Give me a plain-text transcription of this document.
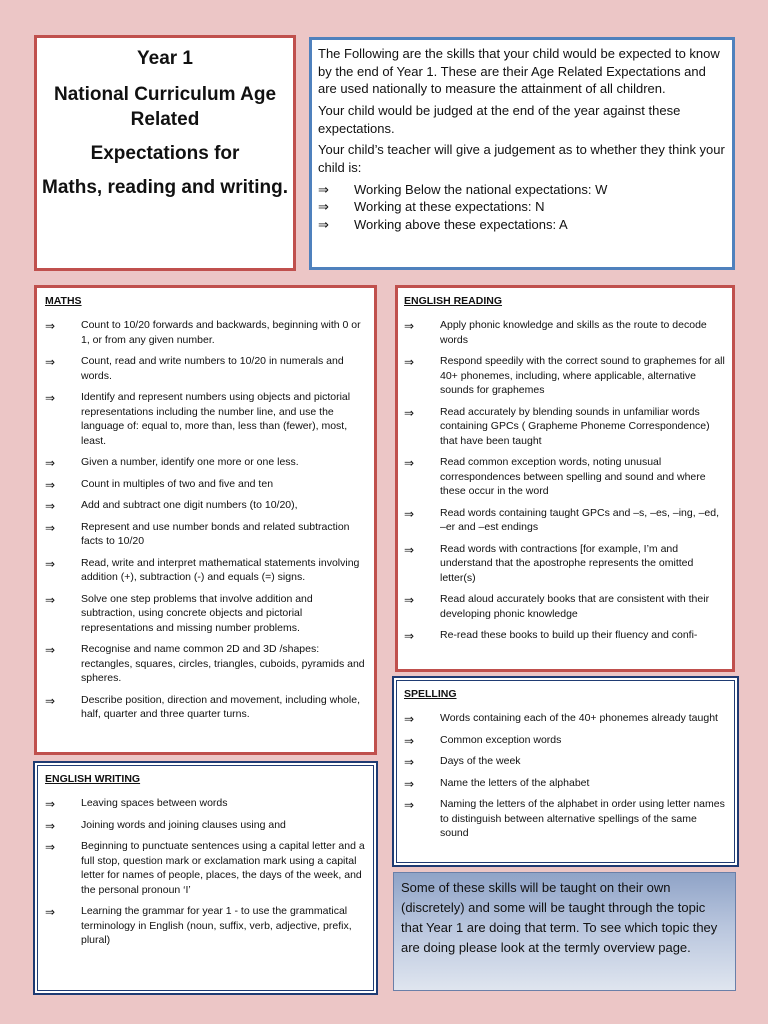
Year 1
National Curriculum Age Related
Expectations for
Maths, reading and writing.

The Following are the skills that your child would be expected to know by the end of Year 1. These are their Age Related Expectations and are used nationally to measure the attainment of all children.

Your child would be judged at the end of the year against these expectations.

Your child’s teacher will give a judgement as to whether they think your child is:

⇒ Working Below the national expectations: W
⇒ Working at these expectations: N
⇒ Working above these expectations: A
MATHS
⇒ Count to 10/20 forwards and backwards, beginning with 0 or 1, or from any given number.
⇒ Count, read and write numbers to 10/20 in numerals and words.
⇒ Identify and represent numbers using objects and pictorial representations including the number line, and use the language of: equal to, more than, less than (fewer), most, least.
⇒ Given a number, identify one more or one less.
⇒ Count in multiples of two and five and ten
⇒ Add and subtract one digit numbers (to 10/20),
⇒ Represent and use number bonds and related subtraction facts to 10/20
⇒ Read, write and interpret mathematical statements involving addition (+), subtraction (-) and equals (=) signs.
⇒ Solve one step problems that involve addition and subtraction, using concrete objects and pictorial representations and missing number problems.
⇒ Recognise and name common 2D and 3D /shapes: rectangles, squares, circles, triangles, cuboids, pyramids and spheres.
⇒ Describe position, direction and movement, including whole, half, quarter and three quarter turns.
ENGLISH READING
⇒ Apply phonic knowledge and skills as the route to decode words
⇒ Respond speedily with the correct sound to graphemes for all 40+ phonemes, including, where applicable, alternative sounds for graphemes
⇒ Read accurately by blending sounds in unfamiliar words containing GPCs ( Grapheme Phoneme Correspondence) that have been taught
⇒ Read common exception words, noting unusual correspondences between spelling and sound and where these occur in the word
⇒ Read words containing taught GPCs and –s, –es, –ing, –ed, –er and –est endings
⇒ Read words with contractions [for example, I’m and understand that the apostrophe represents the omitted letter(s)
⇒ Read aloud accurately books that are consistent with their developing phonic knowledge
⇒ Re-read these books to build up their fluency and confi-
SPELLING
⇒ Words containing each of the 40+ phonemes already taught
⇒ Common exception words
⇒ Days of the week
⇒ Name the letters of the alphabet
⇒ Naming the letters of the alphabet in order using letter names to distinguish between alternative spellings of the same sound
ENGLISH WRITING
⇒ Leaving spaces between words
⇒ Joining words and joining clauses using and
⇒ Beginning to punctuate sentences using a capital letter and a full stop, question mark or exclamation mark using a capital letter for names of people, places, the days of the week, and the personal pronoun ‘I’
⇒ Learning the grammar for year 1 - to use the grammatical terminology in English (noun, suffix, verb, adjective, prefix, plural)
Some of these skills will be taught on their own (discretely) and some will be taught through the topic that Year 1 are doing that term. To see which topic they are doing please look at the termly overview page.
